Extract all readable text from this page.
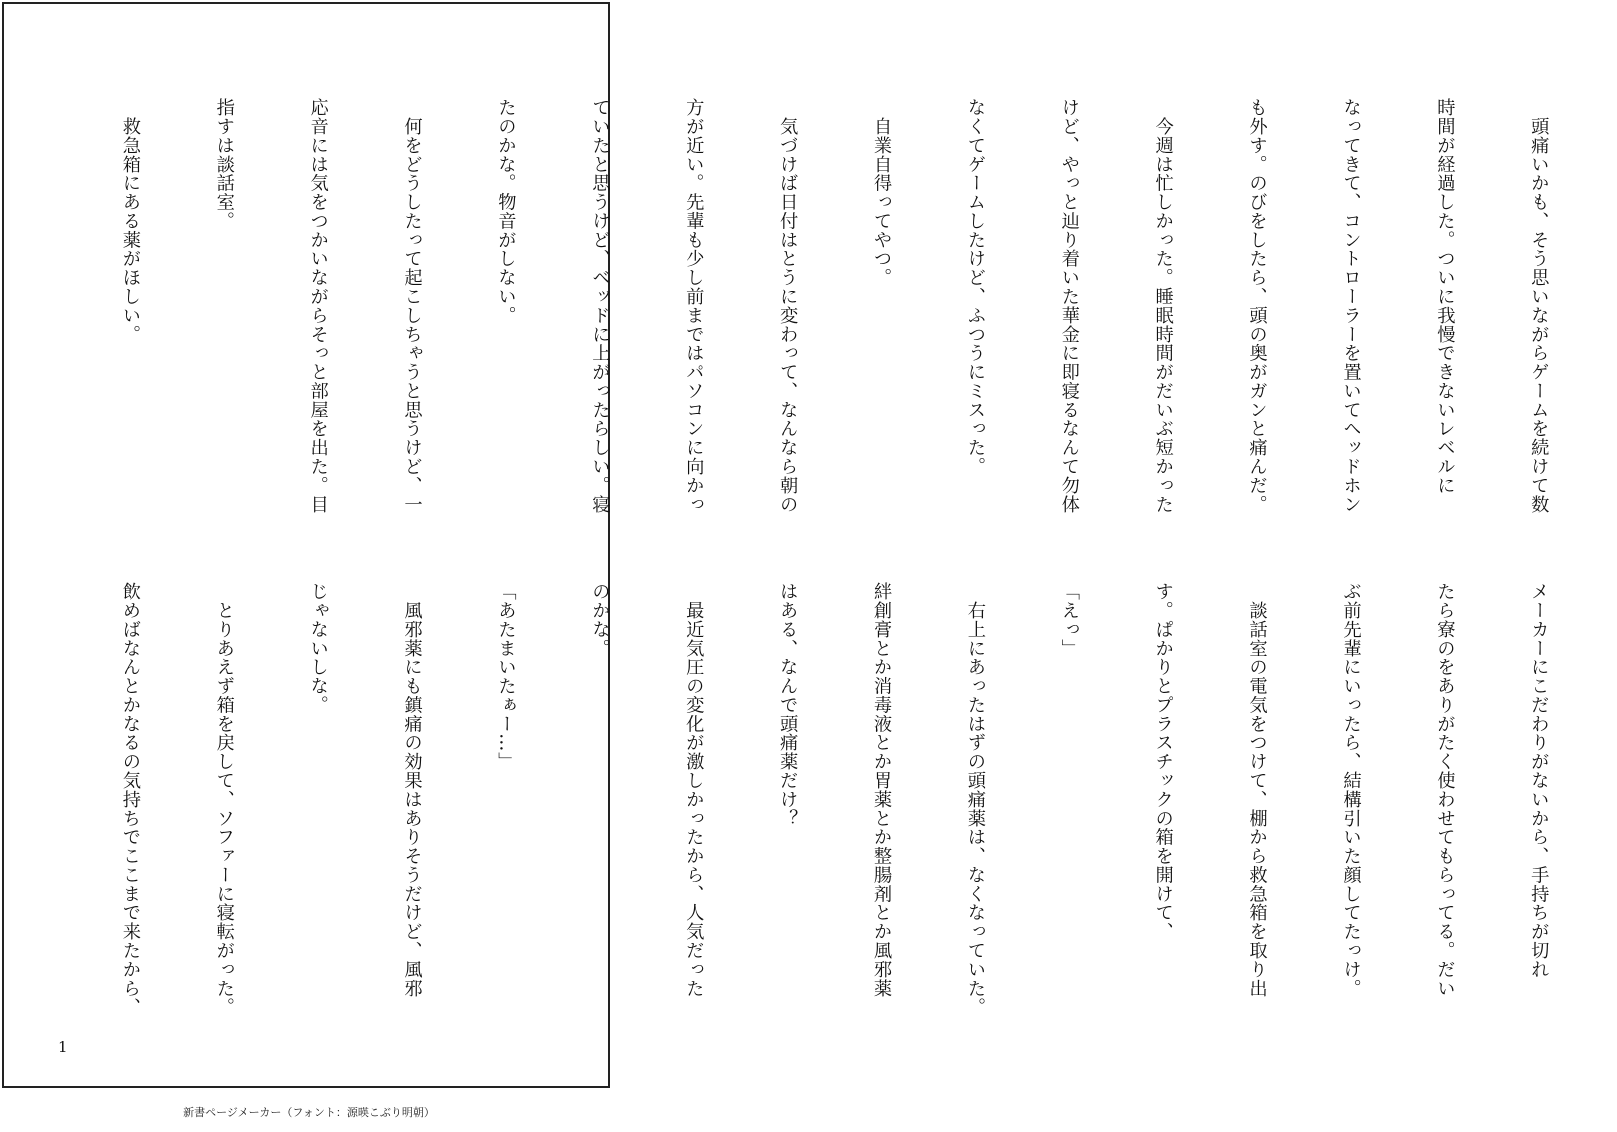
　頭痛いかも、そう思いながらゲームを続けて数

時間が経過した。ついに我慢できないレベルに

なってきて、コントローラーを置いてヘッドホン

も外す。のびをしたら、頭の奥がガンと痛んだ。

　今週は忙しかった。睡眠時間がだいぶ短かった

けど、やっと辿り着いた華金に即寝るなんて勿体

なくてゲームしたけど、ふつうにミスった。

　自業自得ってやつ。

　気づけば日付はとうに変わって、なんなら朝の

方が近い。先輩も少し前まではパソコンに向かっ

ていたと思うけど、ベッドに上がったらしい。寝

たのかな。物音がしない。

　何をどうしたって起こしちゃうと思うけど、一

応音には気をつかいながらそっと部屋を出た。目

指すは談話室。

　救急箱にある薬がほしい。

メーカーにこだわりがないから、手持ちが切れ

たら寮のをありがたく使わせてもらってる。だい

ぶ前先輩にいったら、結構引いた顔してたっけ。

　談話室の電気をつけて、棚から救急箱を取り出

す。ぱかりとプラスチックの箱を開けて、

「えっ」

　右上にあったはずの頭痛薬は、なくなっていた。

絆創膏とか消毒液とか胃薬とか整腸剤とか風邪薬

はある、なんで頭痛薬だけ？

　最近気圧の変化が激しかったから、人気だった

のかな。

「あたまいたぁー…」

　風邪薬にも鎮痛の効果はありそうだけど、風邪

じゃないしな。

　とりあえず箱を戻して、ソファーに寝転がった。

飲めばなんとかなるの気持ちでここまで来たから、

1
新書ページメーカー（フォント：源暎こぶり明朝）
